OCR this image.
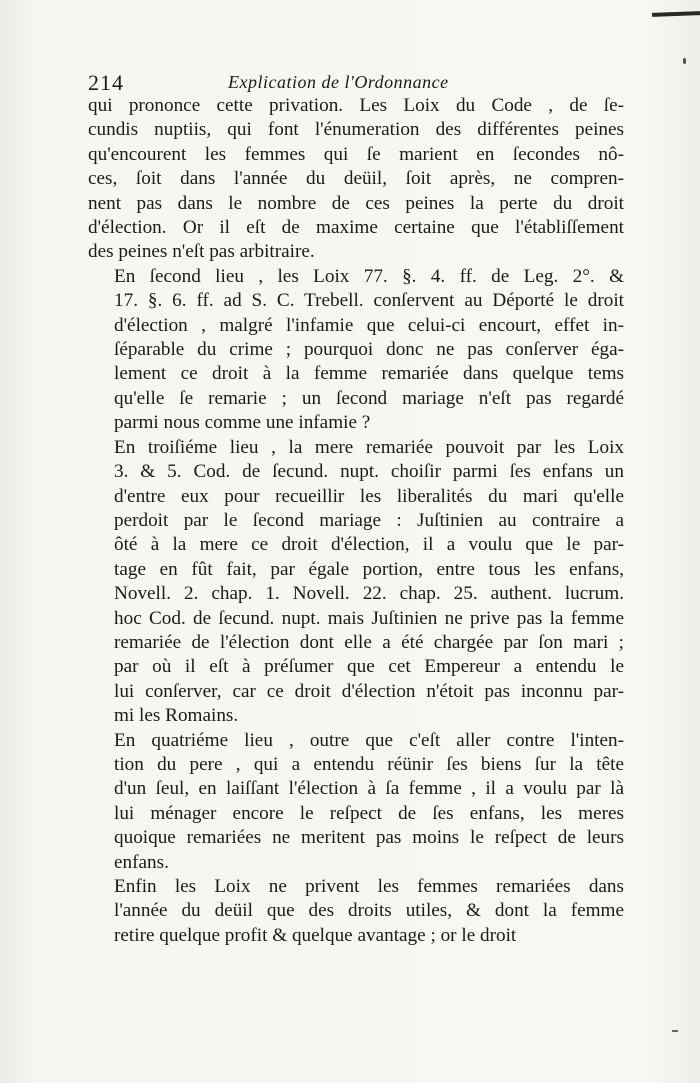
214	Explication de l'Ordonnance

qui prononce cette privation. Les Loix du Code , de ſe-
cundis nuptiis, qui font l'énumeration des différentes peines
qu'encourent les femmes qui ſe marient en ſecondes nô-
ces, ſoit dans l'année du deüil, ſoit après, ne compren-
nent pas dans le nombre de ces peines la perte du droit
d'élection. Or il eſt de maxime certaine que l'établiſſement
des peines n'eſt pas arbitraire.

En ſecond lieu , les Loix 77. §. 4. ff. de Leg. 2°. &
17. §. 6. ff. ad S. C. Trebell. conſervent au Déporté le droit
d'élection , malgré l'infamie que celui-ci encourt, effet in-
ſéparable du crime ; pourquoi donc ne pas conſerver éga-
lement ce droit à la femme remariée dans quelque tems
qu'elle ſe remarie ; un ſecond mariage n'eſt pas regardé
parmi nous comme une infamie ?

En troiſiéme lieu , la mere remariée pouvoit par les Loix
3. & 5. Cod. de ſecund. nupt. choiſir parmi ſes enfans un
d'entre eux pour recueillir les liberalités du mari qu'elle
perdoit par le ſecond mariage : Juſtinien au contraire a
ôté à la mere ce droit d'élection, il a voulu que le par-
tage en fût fait, par égale portion, entre tous les enfans,
Novell. 2. chap. 1. Novell. 22. chap. 25. authent. lucrum.
hoc Cod. de ſecund. nupt. mais Juſtinien ne prive pas la femme
remariée de l'élection dont elle a été chargée par ſon mari ;
par où il eſt à préſumer que cet Empereur a entendu le
lui conſerver, car ce droit d'élection n'étoit pas inconnu par-
mi les Romains.

En quatriéme lieu , outre que c'eſt aller contre l'inten-
tion du pere , qui a entendu réünir ſes biens ſur la tête
d'un ſeul, en laiſſant l'élection à ſa femme , il a voulu par là
lui ménager encore le reſpect de ſes enfans, les meres
quoique remariées ne meritent pas moins le reſpect de leurs
enfans.

Enfin les Loix ne privent les femmes remariées dans
l'année du deüil que des droits utiles, & dont la femme
retire quelque profit & quelque avantage ; or le droit
